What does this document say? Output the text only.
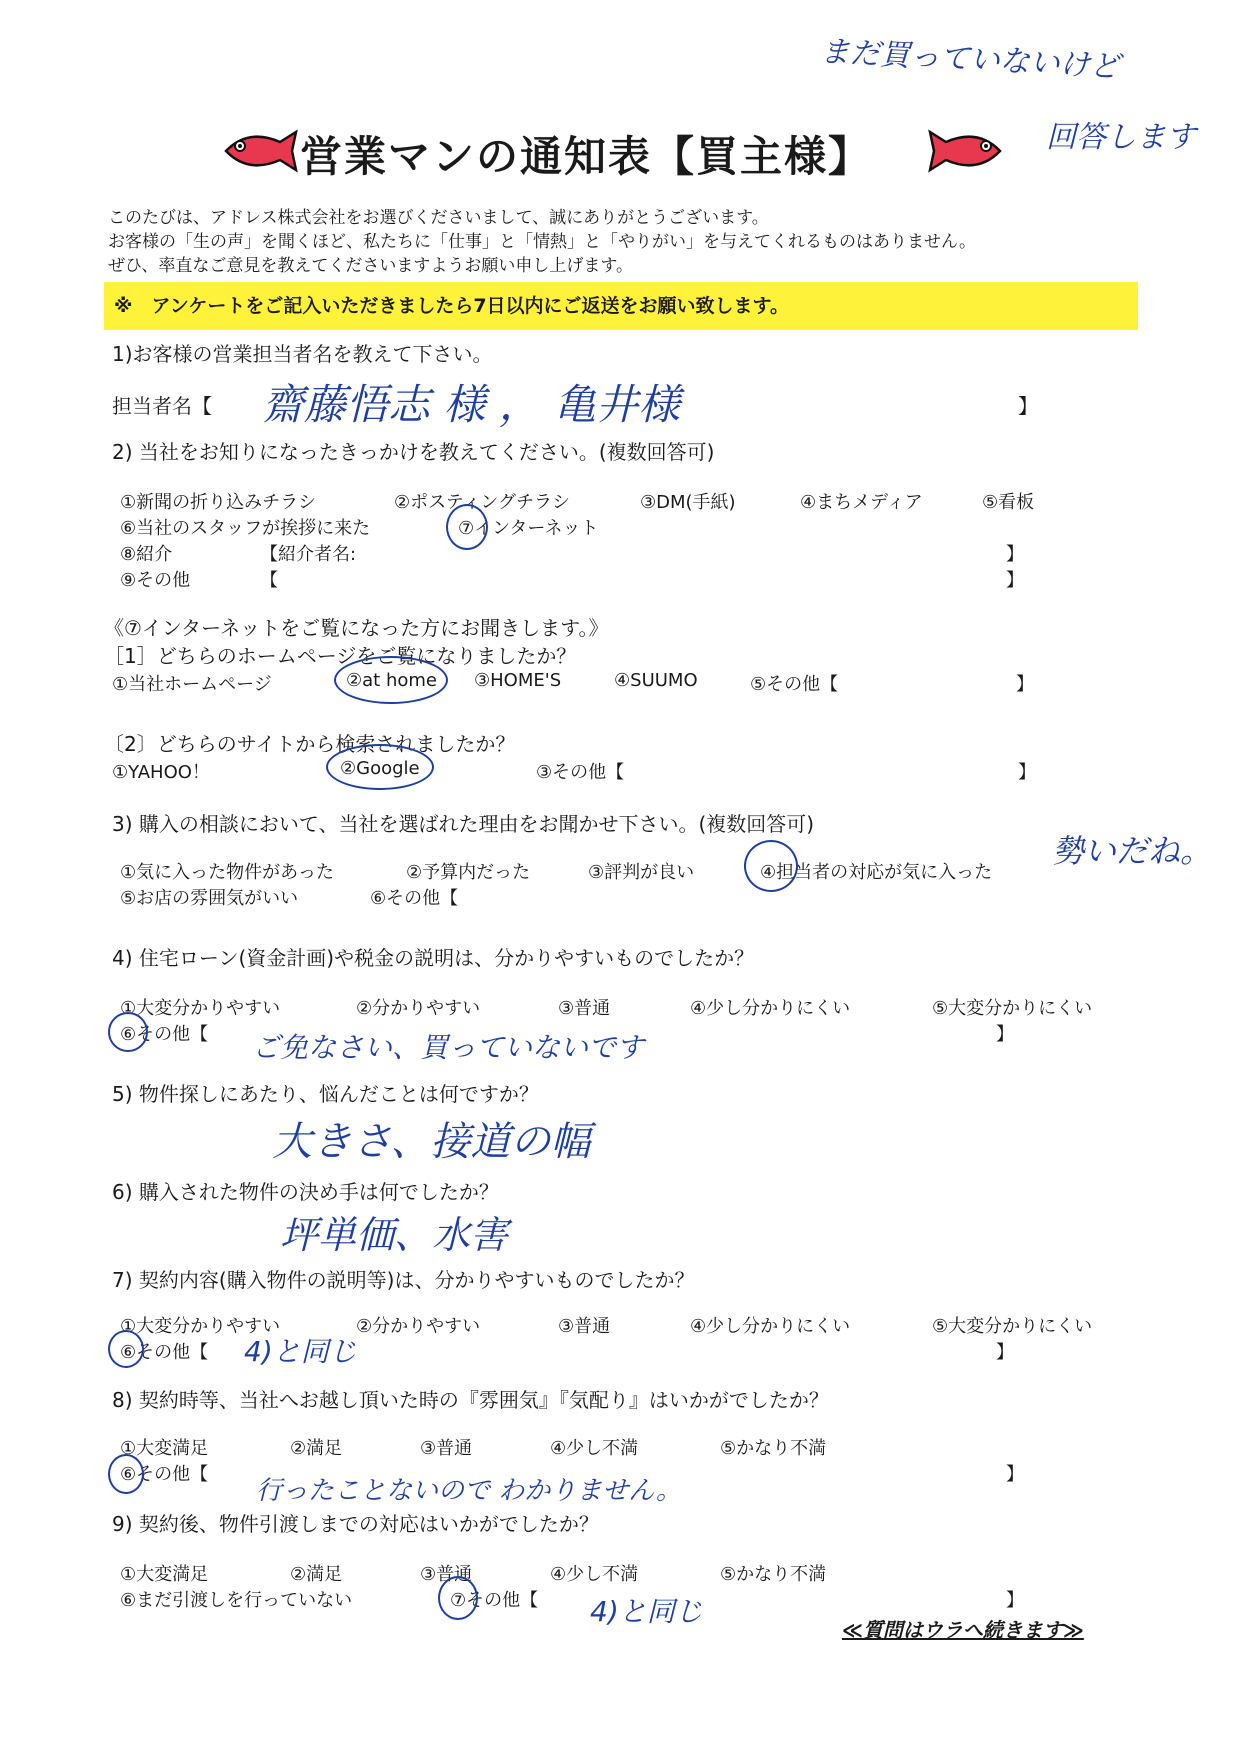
営業マンの通知表【買主様】
まだ買っていないけど
回答します
このたびは、アドレス株式会社をお選びくださいまして、誠にありがとうございます。
お客様の「生の声」を聞くほど、私たちに「仕事」と「情熱」と「やりがい」を与えてくれるものはありません。
ぜひ、率直なご意見を教えてくださいますようお願い申し上げます。
※　アンケートをご記入いただきましたら7日以内にご返送をお願い致します。
1)お客様の営業担当者名を教えて下さい。
担当者名【 齋藤悟志 様 ， 亀井様	】
2) 当社をお知りになったきっかけを教えてください。(複数回答可)
①新聞の折り込みチラシ	②ポスティングチラシ	③DM(手紙)	④まちメディア	⑤看板
⑥当社のスタッフが挨拶に来た	⑦インターネット
⑧紹介	【紹介者名:	】
⑨その他	【	】
《⑦インターネットをご覧になった方にお聞きします。》
［1］どちらのホームページをご覧になりましたか？
①当社ホームページ	②at home ③HOME'S	④SUUMO	⑤その他【	】
〔2〕どちらのサイトから検索されましたか？
①YAHOO！	②Google	③その他【	】
3) 購入の相談において、当社を選ばれた理由をお聞かせ下さい。(複数回答可)
①気に入った物件があった	②予算内だった	③評判が良い	④担当者の対応が気に入った
⑤お店の雰囲気がいい	⑥その他【
勢いだね。
4) 住宅ローン(資金計画)や税金の説明は、分かりやすいものでしたか？
①大変分かりやすい	②分かりやすい	③普通	④少し分かりにくい	⑤大変分かりにくい
⑥その他【	】
ご免なさい、買っていないです
5) 物件探しにあたり、悩んだことは何ですか？
大きさ、接道の幅
6) 購入された物件の決め手は何でしたか？
坪単価、水害
7) 契約内容(購入物件の説明等)は、分かりやすいものでしたか？
①大変分かりやすい	②分かりやすい	③普通	④少し分かりにくい	⑤大変分かりにくい
⑥その他【	】
4)と同じ
8) 契約時等、当社へお越し頂いた時の『雰囲気』『気配り』はいかがでしたか？
①大変満足	②満足	③普通	④少し不満	⑤かなり不満
⑥その他【	】
行ったことないので わかりません。
9) 契約後、物件引渡しまでの対応はいかがでしたか？
①大変満足	②満足	③普通	④少し不満	⑤かなり不満
⑥まだ引渡しを行っていない	⑦その他【	】
4)と同じ
≪質問はウラへ続きます≫
